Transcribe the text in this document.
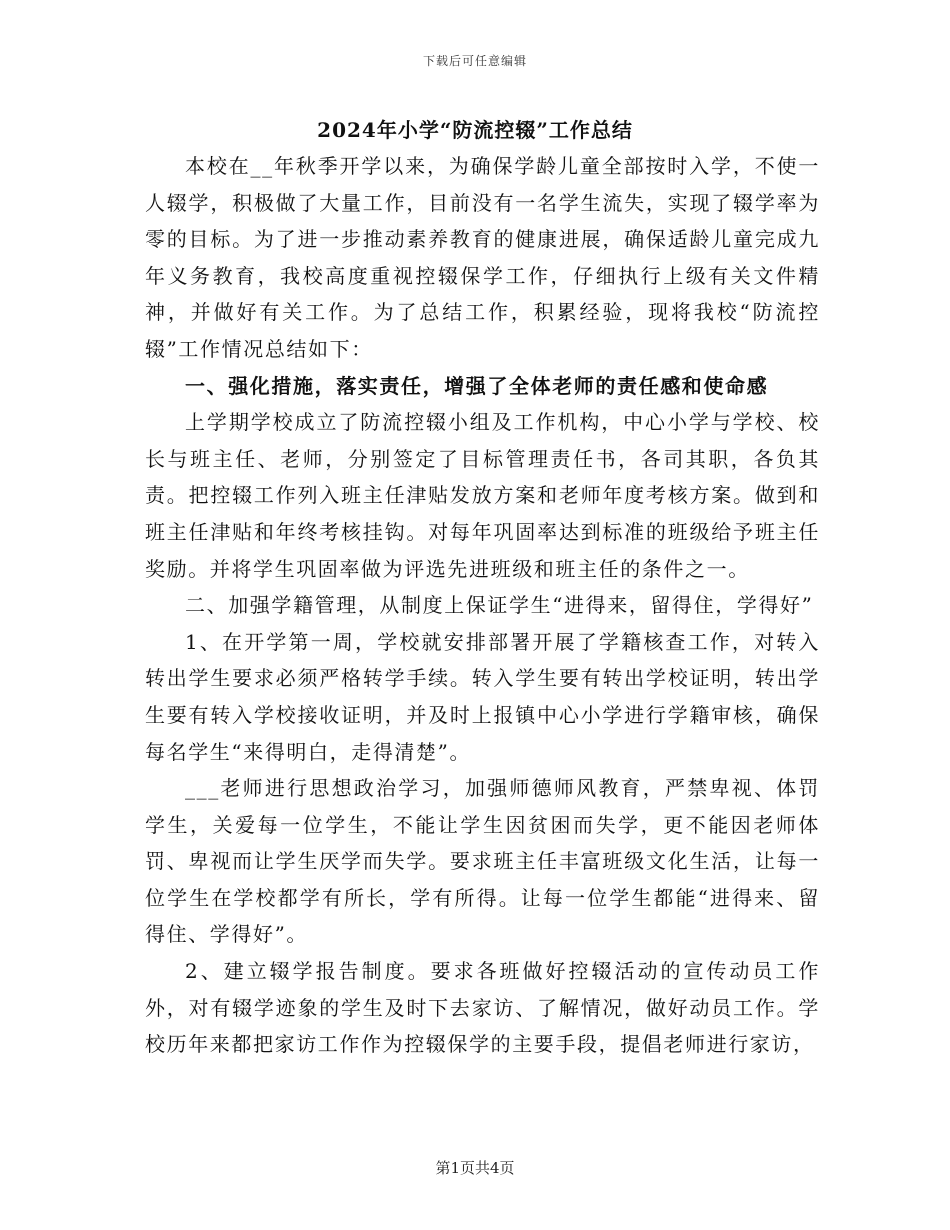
下载后可任意编辑
2024年小学“防流控辍”工作总结

本校在__年秋季开学以来，为确保学龄儿童全部按时入学，不使一人辍学，积极做了大量工作，目前没有一名学生流失，实现了辍学率为零的目标。为了进一步推动素养教育的健康进展，确保适龄儿童完成九年义务教育，我校高度重视控辍保学工作，仔细执行上级有关文件精神，并做好有关工作。为了总结工作，积累经验，现将我校“防流控辍”工作情况总结如下：

一、强化措施，落实责任，增强了全体老师的责任感和使命感

上学期学校成立了防流控辍小组及工作机构，中心小学与学校、校长与班主任、老师，分别签定了目标管理责任书，各司其职，各负其责。把控辍工作列入班主任津贴发放方案和老师年度考核方案。做到和班主任津贴和年终考核挂钩。对每年巩固率达到标准的班级给予班主任奖励。并将学生巩固率做为评选先进班级和班主任的条件之一。

二、加强学籍管理，从制度上保证学生“进得来，留得住，学得好”

1、在开学第一周，学校就安排部署开展了学籍核查工作，对转入转出学生要求必须严格转学手续。转入学生要有转出学校证明，转出学生要有转入学校接收证明，并及时上报镇中心小学进行学籍审核，确保每名学生“来得明白，走得清楚”。

___老师进行思想政治学习，加强师德师风教育，严禁卑视、体罚学生，关爱每一位学生，不能让学生因贫困而失学，更不能因老师体罚、卑视而让学生厌学而失学。要求班主任丰富班级文化生活，让每一位学生在学校都学有所长，学有所得。让每一位学生都能“进得来、留得住、学得好”。

2、建立辍学报告制度。要求各班做好控辍活动的宣传动员工作外，对有辍学迹象的学生及时下去家访、了解情况，做好动员工作。学校历年来都把家访工作作为控辍保学的主要手段，提倡老师进行家访，

第1页共4页
